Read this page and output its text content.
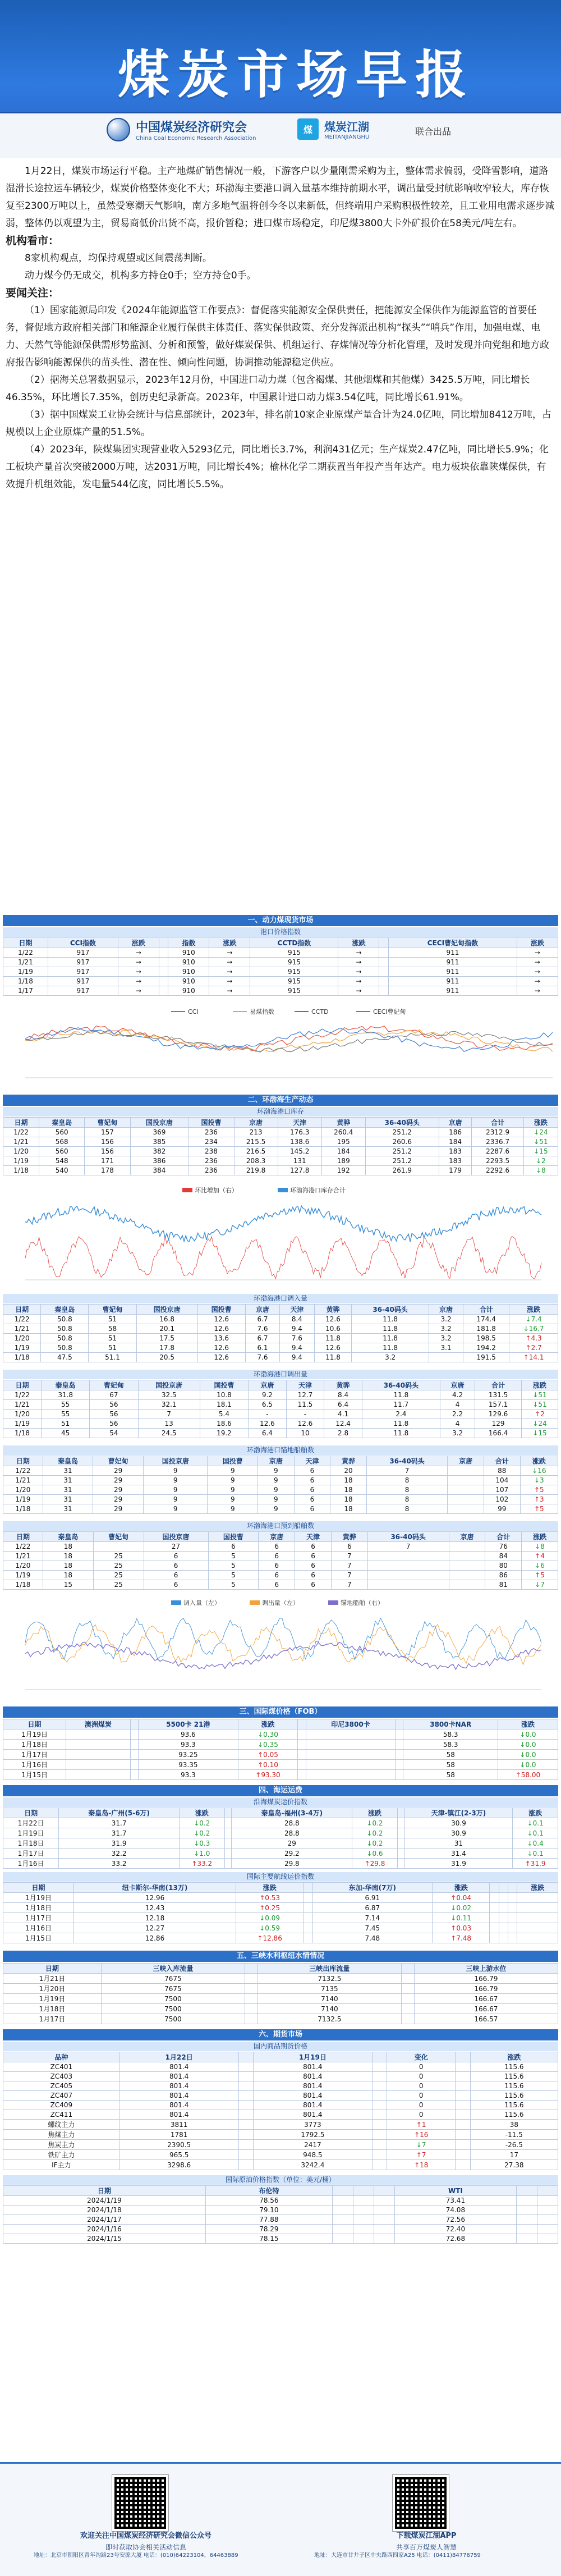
煤炭市场早报
中国煤炭经济研究会
China Coal Economic Research Association
煤	煤炭江湖
MEITANJIANGHU
联合出品

1月22日，煤炭市场运行平稳。主产地煤矿销售情况一般，下游客户以少量刚需采购为主，整体需求偏弱，受降雪影响，道路湿滑长途拉运车辆较少，煤炭价格整体变化不大；环渤海主要港口调入量基本维持前期水平，调出量受封航影响收窄较大，库存恢复至2300万吨以上，虽然受寒潮天气影响，南方多地气温将创今冬以来新低，但终端用户采购积极性较差，且工业用电需求逐步减弱，整体仍以观望为主，贸易商低价出货不高，报价暂稳；进口煤市场稳定，印尼煤3800大卡外矿报价在58美元/吨左右。

机构看市：

8家机构观点，均保持观望或区间震荡判断。

动力煤今仍无成交，机构多方持仓0手；空方持仓0手。

要闻关注：

（1）国家能源局印发《2024年能源监管工作要点》：督促落实能源安全保供责任，把能源安全保供作为能源监管的首要任务，督促地方政府相关部门和能源企业履行保供主体责任、落实保供政策、充分发挥派出机构“探头”“哨兵”作用，加强电煤、电力、天然气等能源保供需形势监测、分析和预警，做好煤炭保供、机组运行、存煤情况等分析化管理，及时发现并向党组和地方政府报告影响能源保供的苗头性、潜在性、倾向性问题，协调推动能源稳定供应。

（2）据海关总署数据显示，2023年12月份，中国进口动力煤（包含褐煤、其他烟煤和其他煤）3425.5万吨，同比增长46.35%，环比增长7.35%，创历史纪录新高。2023年，中国累计进口动力煤3.54亿吨，同比增长61.91%。

（3）据中国煤炭工业协会统计与信息部统计，2023年，排名前10家企业原煤产量合计为24.0亿吨，同比增加8412万吨，占规模以上企业原煤产量的51.5%。

（4）2023年，陕煤集团实现营业收入5293亿元，同比增长3.7%，利润431亿元；生产煤炭2.47亿吨，同比增长5.9%；化工板块产量首次突破2000万吨，达2031万吨，同比增长4%；榆林化学二期获置当年投产当年达产。电力板块依靠陕煤保供，有效提升机组效能，发电量544亿度，同比增长5.5%。

一、动力煤现货市场
港口价格指数
日期	CCI指数	涨跌		指数	涨跌	CCTD指数	涨跌		CECI曹妃甸指数	涨跌
1/22	917	→		910	→	915	→		911	→
1/21	917	→		910	→	915	→		911	→
1/19	917	→		910	→	915	→		911	→
1/18	917	→		910	→	915	→		911	→
1/17	917	→		910	→	915	→		911	→
CCI	易煤指数	CCTD	CECI曹妃甸
二、环渤海生产动态
环渤海港口库存
日期	秦皇岛	曹妃甸	国投京唐	国投曹	京唐	天津	黄骅	36-40码头	京唐	合计	涨跌
1/22	560	157	369	236	213	176.3	260.4	251.2	186	2312.9	↓24
1/21	568	156	385	234	215.5	138.6	195	260.6	184	2336.7	↓51
1/20	560	156	382	238	216.5	145.2	184	251.2	183	2287.6	↓15
1/19	548	171	386	236	208.3	131	189	251.2	183	2293.5	↓2
1/18	540	178	384	236	219.8	127.8	192	261.9	179	2292.6	↓8
环比增加（右）	环渤海港口库存合计
环渤海港口调入量
日期	秦皇岛	曹妃甸	国投京唐	国投曹	京唐	天津	黄骅	36-40码头	京唐	合计	涨跌
1/22	50.8	51	16.8	12.6	6.7	8.4	12.6	11.8	3.2	174.4	↓7.4
1/21	50.8	58	20.1	12.6	7.6	9.4	10.6	11.8	3.2	181.8	↓16.7
1/20	50.8	51	17.5	13.6	6.7	7.6	11.8	11.8	3.2	198.5	↑4.3
1/19	50.8	51	17.8	12.6	6.1	9.4	12.6	11.8	3.1	194.2	↑2.7
1/18	47.5	51.1	20.5	12.6	7.6	9.4	11.8	3.2		191.5	↑14.1
环渤海港口调出量
日期	秦皇岛	曹妃甸	国投京唐	国投曹	京唐	天津	黄骅	36-40码头	京唐	合计	涨跌
1/22	31.8	67	32.5	10.8	9.2	12.7	8.4	11.8	4.2	131.5	↓51
1/21	55	56	32.1	18.1	6.5	11.5	6.4	11.7	4	157.1	↓51
1/20	55	56	7	5.4	-	-	4.1	2.4	2.2	129.6	↑2
1/19	51	56	13	18.6	12.6	12.6	12.4	11.8	4	129	↓24
1/18	45	54	24.5	19.2	6.4	10	2.8	11.8	3.2	166.4	↓15
环渤海港口锚地船舶数
日期	秦皇岛	曹妃甸	国投京唐	国投曹	京唐	天津	黄骅	36-40码头	京唐	合计	涨跌
1/22	31	29	9	9	9	6	20	7		88	↓16
1/21	31	29	9	9	9	6	18	8		104	↓3
1/20	31	29	9	9	9	6	18	8		107	↑5
1/19	31	29	9	9	9	6	18	8		102	↑3
1/18	31	29	9	9	9	6	18	8		99	↑5
环渤海港口预到船舶数
日期	秦皇岛	曹妃甸	国投京唐	国投曹	京唐	天津	黄骅	36-40码头	京唐	合计	涨跌
1/22	18		27	6	6	6	6	7		76	↓8
1/21	18	25	6	5	6	6	7			84	↑4
1/20	18	25	6	5	6	6	7			80	↓6
1/19	18	25	6	5	6	6	7			86	↑5
1/18	15	25	6	5	6	6	7			81	↓7
调入量（左）	调出量（左）	锚地船舶（右）
三、国际煤价格（FOB）
日期	澳洲煤炭		5500卡 21港	涨跌		印尼3800卡		3800卡NAR	涨跌
1月19日			93.6	↓0.30				58.3	↓0.0
1月18日			93.3	↓0.35				58.3	↓0.0
1月17日			93.25	↑0.05				58	↓0.0
1月16日			93.35	↑0.10				58	↓0.0
1月15日			93.3	↑93.30				58	↑58.00
四、海运运费
沿海煤炭运价指数
日期	秦皇岛-广州(5-6万)	涨跌		秦皇岛-福州(3-4万)	涨跌		天津-镇江(2-3万)	涨跌
1月22日	31.7	↓0.2		28.8	↓0.2		30.9	↓0.1
1月19日	31.7	↓0.2		28.8	↓0.2		30.9	↓0.1
1月18日	31.9	↓0.3		29	↓0.2		31	↓0.4
1月17日	32.2	↓1.0		29.2	↓0.6		31.4	↓0.1
1月16日	33.2	↑33.2		29.8	↑29.8		31.9	↑31.9
国际主要航线运价指数
日期	纽卡斯尔-华南(13万)	涨跌		东加-华南(7万)	涨跌				涨跌
1月19日	12.96	↑0.53		6.91	↑0.04				
1月18日	12.43	↑0.25		6.87	↓0.02				
1月17日	12.18	↓0.09		7.14	↓0.11				
1月16日	12.27	↓0.59		7.45	↑0.03				
1月15日	12.86	↑12.86		7.48	↑7.48				
五、三峡水利枢纽水情情况
日期	三峡入库流量		三峡出库流量		三峡上游水位
1月21日	7675		7132.5		166.79
1月20日	7675		7135		166.79
1月19日	7500		7140		166.67
1月18日	7500		7140		166.67
1月17日	7500		7132.5		166.57
六、期货市场
国内商品期货价格
品种	1月22日		1月19日		变化		涨跌
ZC401	801.4		801.4		0		115.6
ZC403	801.4		801.4		0		115.6
ZC405	801.4		801.4		0		115.6
ZC407	801.4		801.4		0		115.6
ZC409	801.4		801.4		0		115.6
ZC411	801.4		801.4		0		115.6
螺纹主力	3811		3773		↑1		38
焦煤主力	1781		1792.5		↑16		-11.5
焦炭主力	2390.5		2417		↓7		-26.5
铁矿主力	965.5		948.5		↑7		17
IF主力	3298.6		3242.4		↑18		27.38
国际原油价格指数（单位：美元/桶）
日期	布伦特				WTI		
2024/1/19	78.56				73.41		
2024/1/18	79.10				74.08		
2024/1/17	77.88				72.56		
2024/1/16	78.29				72.40		
2024/1/15	78.15				72.68		
欢迎关注中国煤炭经济研究会微信公众号
即时获取协会相关活动信息
下载煤炭江湖APP
共享百万煤炭人智慧
地址：北京市朝阳区青年沟路23号安源大厦 电话：(010)64223104，64463889	地址：大连市甘井子区中央路西四家A25 电话：(0411)84776759
